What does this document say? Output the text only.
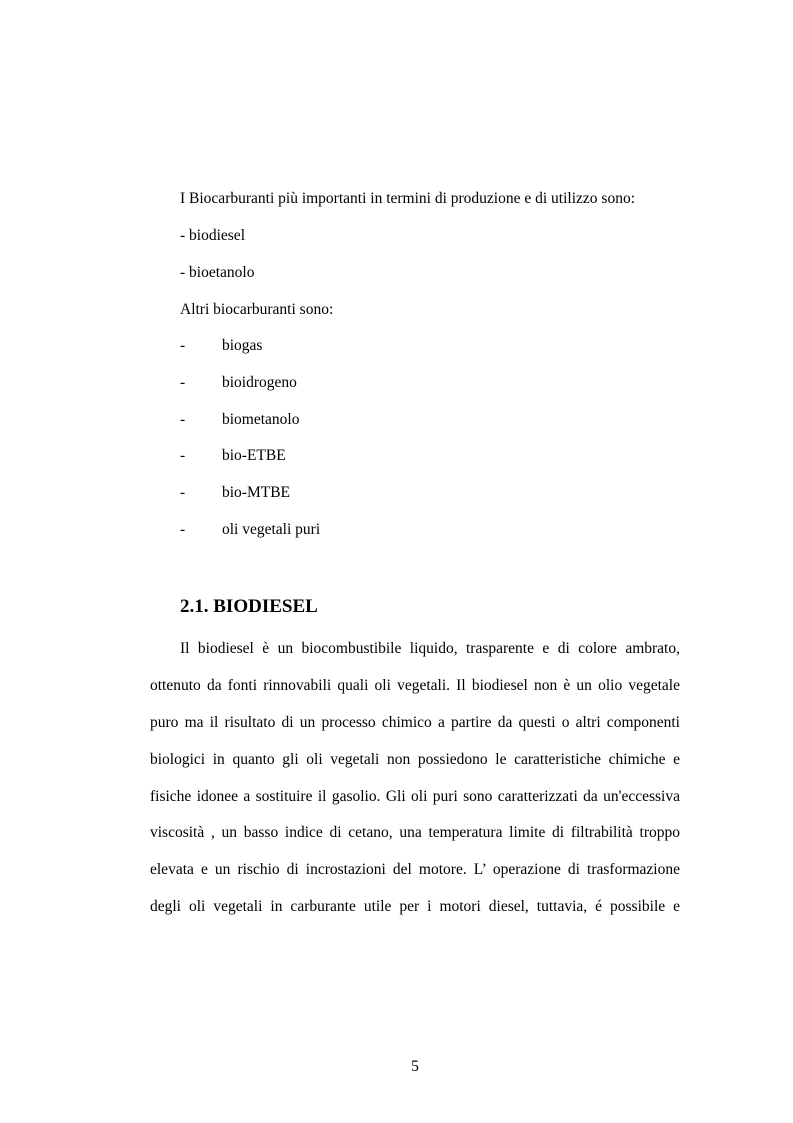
I Biocarburanti più importanti in termini di produzione e di utilizzo sono:

- biodiesel
- bioetanolo
Altri biocarburanti sono:
- biogas
- bioidrogeno
- biometanolo
- bio-ETBE
- bio-MTBE
- oli vegetali puri
2.1. BIODIESEL
Il biodiesel è un biocombustibile liquido, trasparente e di colore ambrato,
ottenuto da fonti rinnovabili quali oli vegetali. Il biodiesel non è un olio vegetale
puro ma il risultato di un processo chimico a partire da questi o altri componenti
biologici in quanto gli oli vegetali non possiedono le caratteristiche chimiche e
fisiche idonee a sostituire il gasolio. Gli oli puri sono caratterizzati da un'eccessiva
viscosità , un basso indice di cetano, una temperatura limite di filtrabilità troppo
elevata e un rischio di incrostazioni del motore. L’ operazione di trasformazione
degli oli vegetali in carburante utile per i motori diesel, tuttavia, é possibile e
5
